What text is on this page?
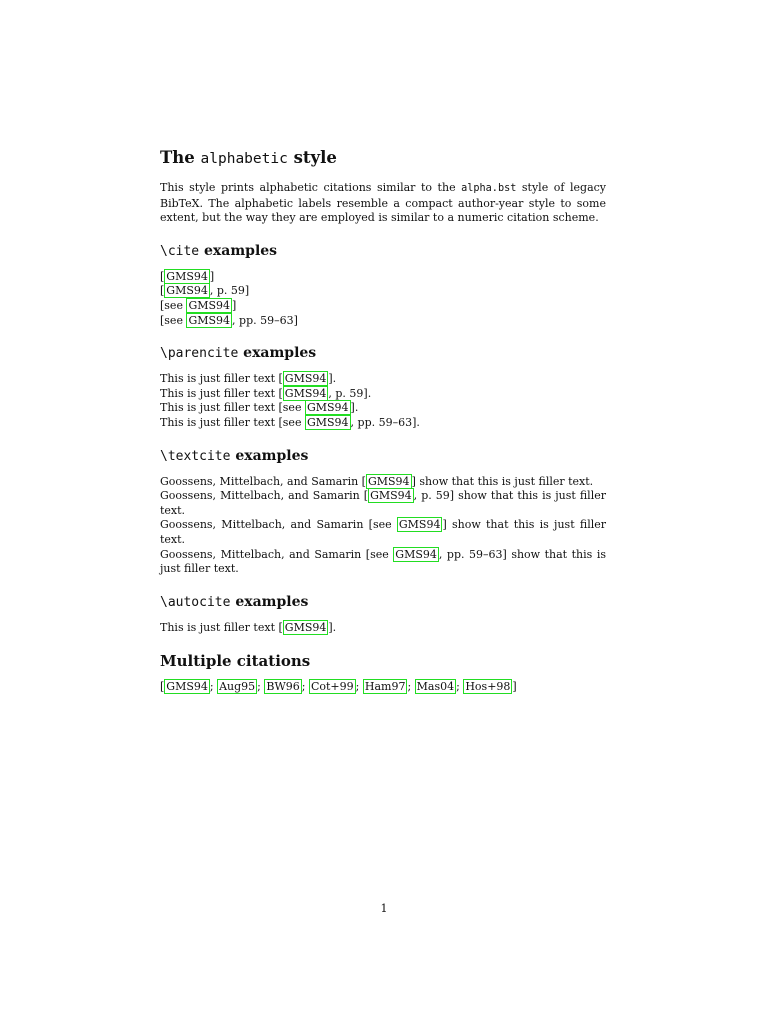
The alphabetic style

This style prints alphabetic citations similar to the alpha.bst style of legacy BibTeX. The alphabetic labels resemble a compact author-year style to some extent, but the way they are employed is similar to a numeric citation scheme.

\cite examples
[ GMS94 ]
[ GMS94 , p. 59]
[see GMS94 ]
[see GMS94 , pp. 59–63]
\parencite examples
This is just filler text [ GMS94 ].
This is just filler text [ GMS94 , p. 59].
This is just filler text [see GMS94 ].
This is just filler text [see GMS94 , pp. 59–63].
\textcite examples
Goossens, Mittelbach, and Samarin [ GMS94 ] show that this is just filler text.
Goossens, Mittelbach, and Samarin [ GMS94 , p. 59] show that this is just filler text.
Goossens, Mittelbach, and Samarin [see GMS94 ] show that this is just filler text.
Goossens, Mittelbach, and Samarin [see GMS94 , pp. 59–63] show that this is just filler text.
\autocite examples
This is just filler text [ GMS94 ].
Multiple citations
[ GMS94 ; Aug95 ; BW96 ; Cot+99 ; Ham97 ; Mas04 ; Hos+98 ]
1
